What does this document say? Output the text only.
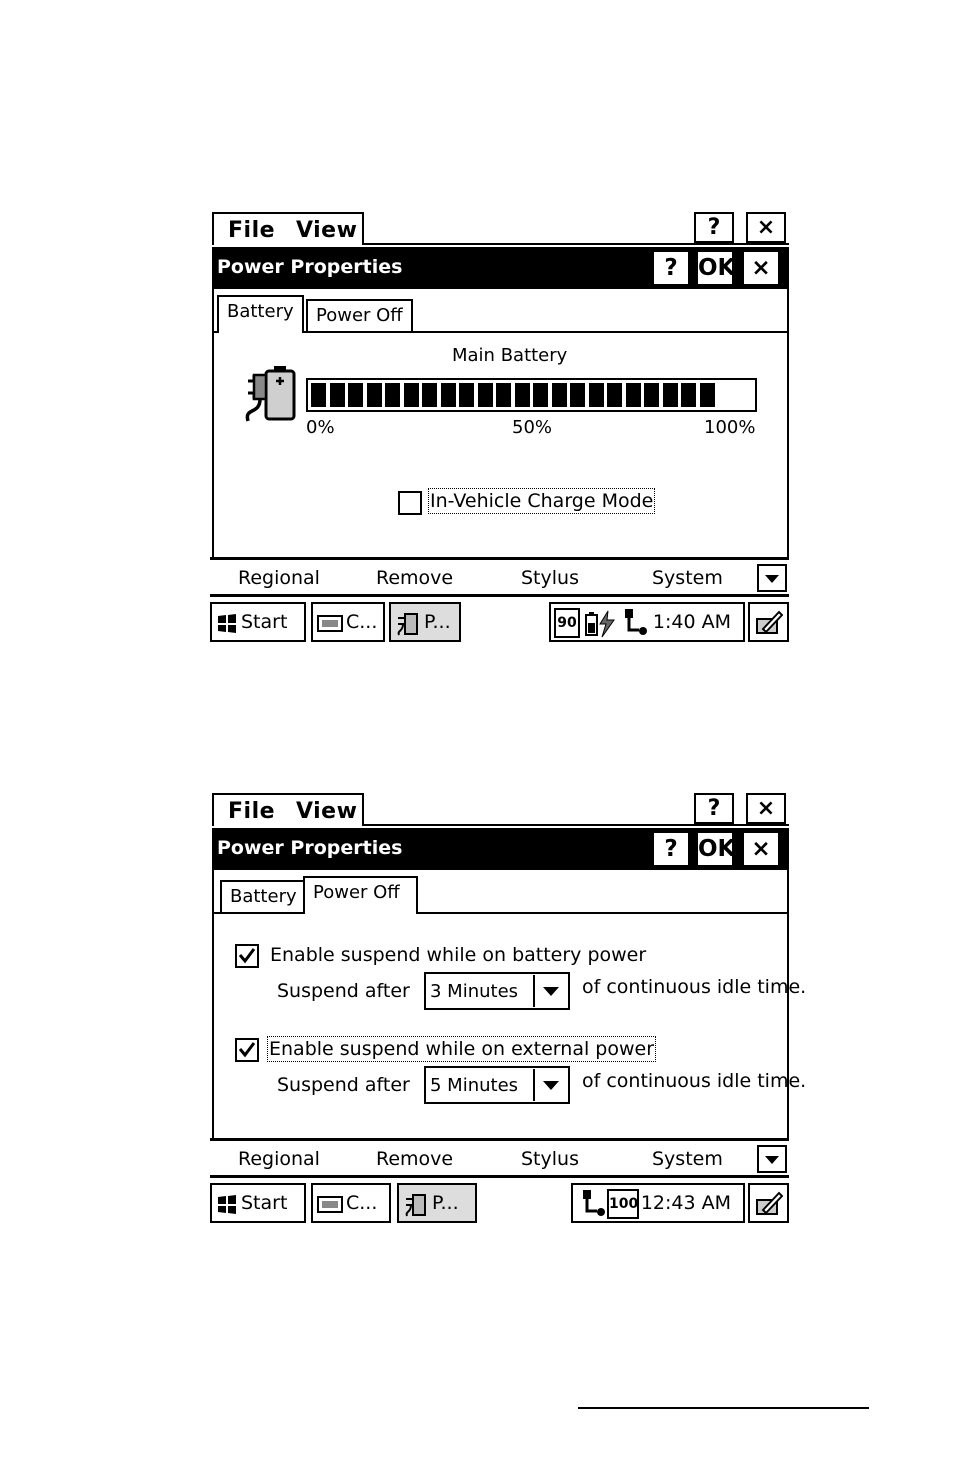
File View	?	×
Power Properties	? OK ×
Battery	Power Off
Main Battery
0%	50%	100%
In-Vehicle Charge Mode
Regional	Remove	Stylus	System
Start	C...	P...	90	1:40 AM
File View	?	×
Power Properties	? OK ×
Battery Power Off
Enable suspend while on battery power
Suspend after 3 Minutes	of continuous idle time.
Enable suspend while on external power
Suspend after 5 Minutes	of continuous idle time.
Regional	Remove	Stylus	System
Start	C...	P...	100 12:43 AM
